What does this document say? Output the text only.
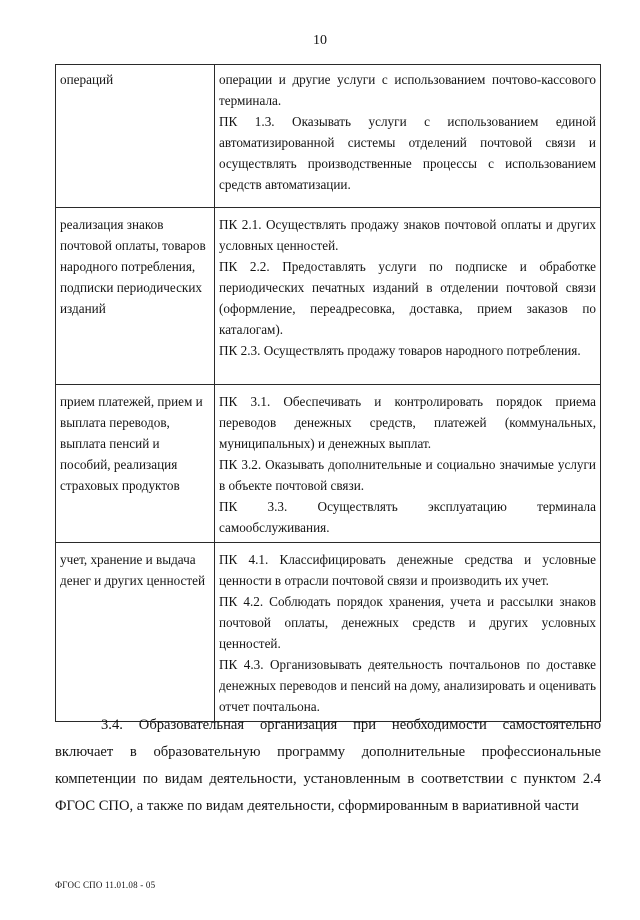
10
операций	операции и другие услуги с использованием почтово-кассового терминала.
ПК 1.3. Оказывать услуги с использованием единой автоматизированной системы отделений почтовой связи и осуществлять производственные процессы с использованием средств автоматизации.

реализация знаков почтовой оплаты, товаров народного потребления, подписки периодических изданий	ПК 2.1. Осуществлять продажу знаков почтовой оплаты и других условных ценностей.
ПК 2.2. Предоставлять услуги по подписке и обработке периодических печатных изданий в отделении почтовой связи (оформление, переадресовка, доставка, прием заказов по каталогам).
ПК 2.3. Осуществлять продажу товаров народного потребления.

прием платежей, прием и выплата переводов, выплата пенсий и пособий, реализация страховых продуктов	ПК 3.1. Обеспечивать и контролировать порядок приема переводов денежных средств, платежей (коммунальных, муниципальных) и денежных выплат.
ПК 3.2. Оказывать дополнительные и социально значимые услуги в объекте почтовой связи.
ПК 3.3. Осуществлять эксплуатацию терминала самообслуживания.

учет, хранение и выдача денег и других ценностей	ПК 4.1. Классифицировать денежные средства и условные ценности в отрасли почтовой связи и производить их учет.
ПК 4.2. Соблюдать порядок хранения, учета и рассылки знаков почтовой оплаты, денежных средств и других условных ценностей.
ПК 4.3. Организовывать деятельность почтальонов по доставке денежных переводов и пенсий на дому, анализировать и оценивать отчет почтальона.
3.4. Образовательная организация при необходимости самостоятельно включает в образовательную программу дополнительные профессиональные компетенции по видам деятельности, установленным в соответствии с пунктом 2.4 ФГОС СПО, а также по видам деятельности, сформированным в вариативной части
ФГОС СПО 11.01.08 - 05
